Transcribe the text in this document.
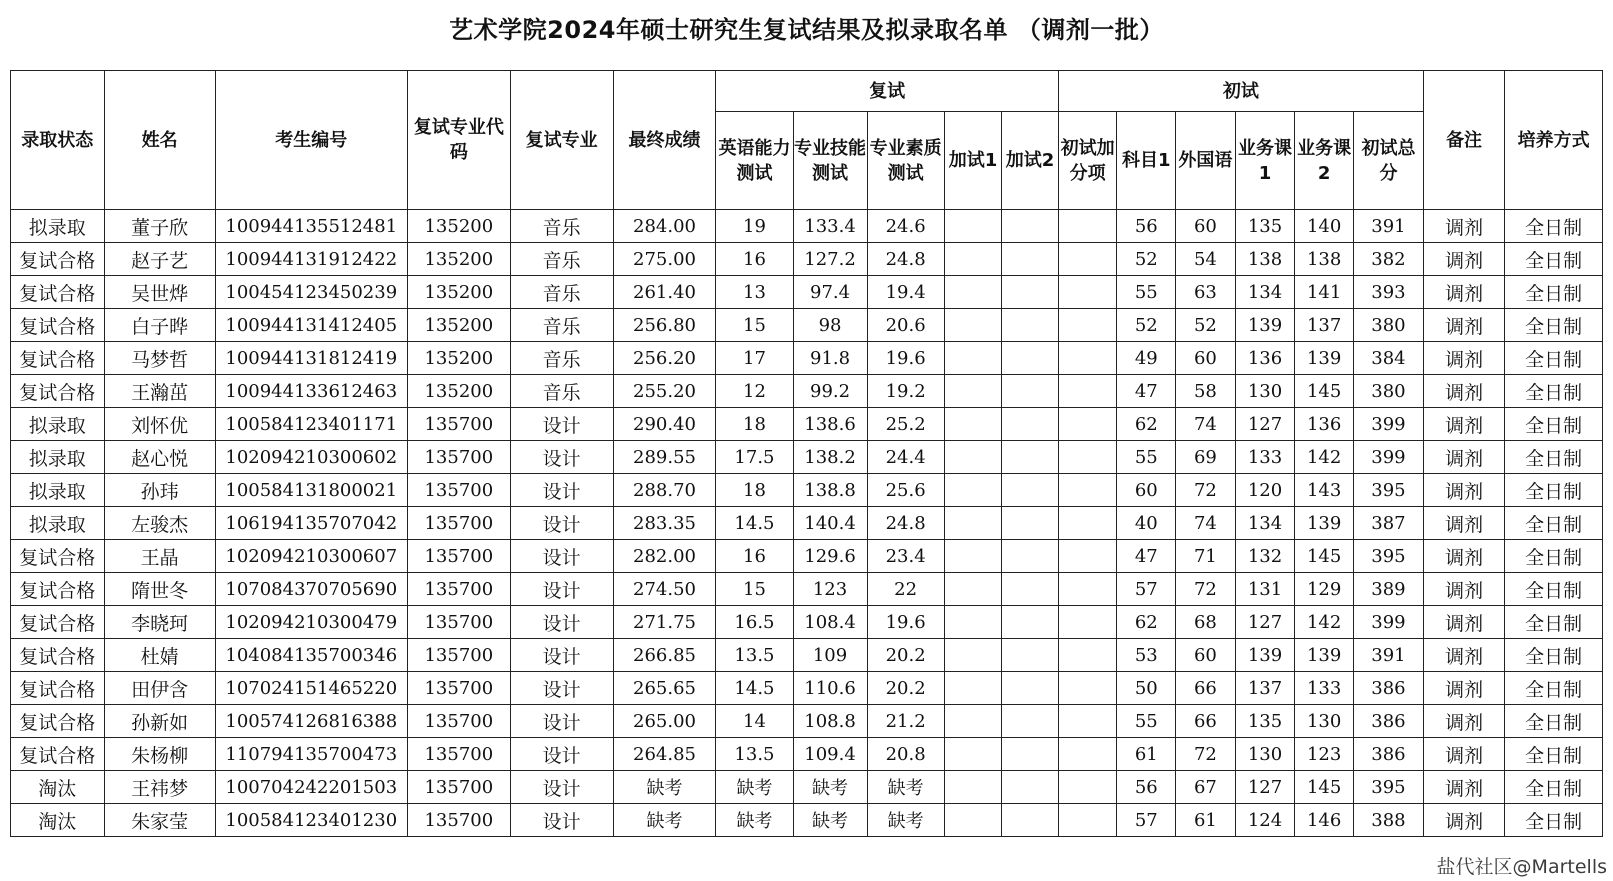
艺术学院2024年硕士研究生复试结果及拟录取名单 （调剂一批）
录取状态	姓名	考生编号	复试专业代码	复试专业	最终成绩	复试					初试						备注	培养方式
						英语能力测试	专业技能测试	专业素质测试	加试1	加试2	初试加分项	科目1	外国语	业务课1	业务课2	初试总分		
拟录取	董子欣	100944135512481	135200	音乐	284.00	19	133.4	24.6				56	60	135	140	391	调剂	全日制
复试合格	赵子艺	100944131912422	135200	音乐	275.00	16	127.2	24.8				52	54	138	138	382	调剂	全日制
复试合格	吴世烨	100454123450239	135200	音乐	261.40	13	97.4	19.4				55	63	134	141	393	调剂	全日制
复试合格	白子晔	100944131412405	135200	音乐	256.80	15	98	20.6				52	52	139	137	380	调剂	全日制
复试合格	马梦哲	100944131812419	135200	音乐	256.20	17	91.8	19.6				49	60	136	139	384	调剂	全日制
复试合格	王瀚茁	100944133612463	135200	音乐	255.20	12	99.2	19.2				47	58	130	145	380	调剂	全日制
拟录取	刘怀优	100584123401171	135700	设计	290.40	18	138.6	25.2				62	74	127	136	399	调剂	全日制
拟录取	赵心悦	102094210300602	135700	设计	289.55	17.5	138.2	24.4				55	69	133	142	399	调剂	全日制
拟录取	孙玮	100584131800021	135700	设计	288.70	18	138.8	25.6				60	72	120	143	395	调剂	全日制
拟录取	左骏杰	106194135707042	135700	设计	283.35	14.5	140.4	24.8				40	74	134	139	387	调剂	全日制
复试合格	王晶	102094210300607	135700	设计	282.00	16	129.6	23.4				47	71	132	145	395	调剂	全日制
复试合格	隋世冬	107084370705690	135700	设计	274.50	15	123	22				57	72	131	129	389	调剂	全日制
复试合格	李晓珂	102094210300479	135700	设计	271.75	16.5	108.4	19.6				62	68	127	142	399	调剂	全日制
复试合格	杜婧	104084135700346	135700	设计	266.85	13.5	109	20.2				53	60	139	139	391	调剂	全日制
复试合格	田伊含	107024151465220	135700	设计	265.65	14.5	110.6	20.2				50	66	137	133	386	调剂	全日制
复试合格	孙新如	100574126816388	135700	设计	265.00	14	108.8	21.2				55	66	135	130	386	调剂	全日制
复试合格	朱杨柳	110794135700473	135700	设计	264.85	13.5	109.4	20.8				61	72	130	123	386	调剂	全日制
淘汰	王祎梦	100704242201503	135700	设计	缺考	缺考	缺考	缺考				56	67	127	145	395	调剂	全日制
淘汰	朱家莹	100584123401230	135700	设计	缺考	缺考	缺考	缺考				57	61	124	146	388	调剂	全日制
盐代社区@Martells
